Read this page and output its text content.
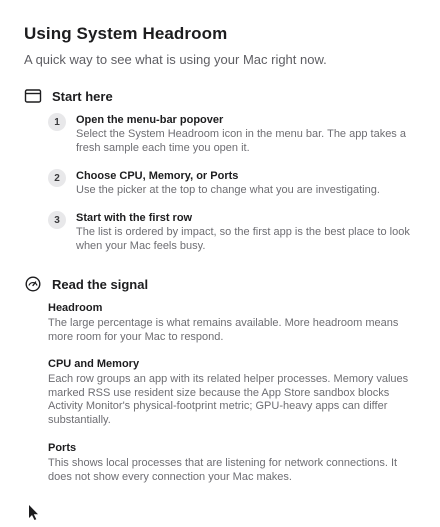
Using System Headroom
A quick way to see what is using your Mac right now.
Start here
1	Open the menu-bar popover
Select the System Headroom icon in the menu bar. The app takes a fresh sample each time you open it.
2	Choose CPU, Memory, or Ports
Use the picker at the top to change what you are investigating.
3	Start with the first row
The list is ordered by impact, so the first app is the best place to look when your Mac feels busy.
Read the signal
Headroom
The large percentage is what remains available. More headroom means more room for your Mac to respond.
CPU and Memory
Each row groups an app with its related helper processes. Memory values marked RSS use resident size because the App Store sandbox blocks Activity Monitor's physical-footprint metric; GPU-heavy apps can differ substantially.
Ports
This shows local processes that are listening for network connections. It does not show every connection your Mac makes.
